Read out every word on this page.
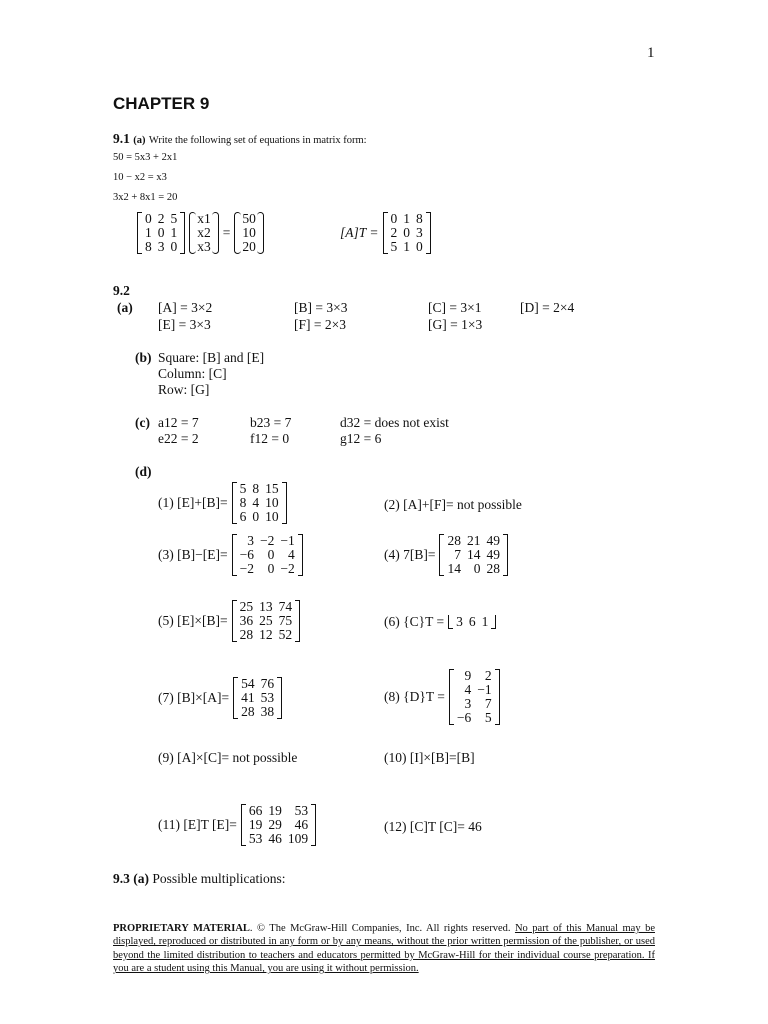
1
CHAPTER 9
9.1 (a) Write the following set of equations in matrix form:
50 = 5x3 + 2x1
10 − x2 = x3
3x2 + 8x1 = 20
0	2	5
1	0	1
8	3	0
x1
x2
x3
=
50
10
20
[A]T =
0	1	8
2	0	3
5	1	0
9.2
(a) [A] = 3×2	[B] = 3×3	[C] = 3×1	[D] = 2×4
[E] = 3×3	[F] = 2×3	[G] = 1×3
(b) Square: [B] and [E]
Column: [C]
Row: [G]
(c) a12 = 7	b23 = 7	d32 = does not exist
e22 = 2	f12 = 0	g12 = 6
(d)
(1) [E]+[B]=
5	8	15
8	4	10
6	0	10
(2) [A]+[F]= not possible
(3) [B]−[E]=
3	−2	−1
−6	0	4
−2	0	−2
(4) 7[B]=
28	21	49
7	14	49
14	0	28
(5) [E]×[B]=
25	13	74
36	25	75
28	12	52
(6) {C}T = 3	6	1
(7) [B]×[A]=
54	76
41	53
28	38
(8) {D}T =
9	2
4	−1
3	7
−6	5
(9) [A]×[C]= not possible	(10) [I]×[B]=[B]
(11) [E]T [E]=
66	19	53
19	29	46
53	46	109
(12) [C]T [C]= 46
9.3 (a) Possible multiplications:
PROPRIETARY MATERIAL. © The McGraw-Hill Companies, Inc. All rights reserved. No part of this Manual may be displayed, reproduced or distributed in any form or by any means, without the prior written permission of the publisher, or used beyond the limited distribution to teachers and educators permitted by McGraw-Hill for their individual course preparation. If you are a student using this Manual, you are using it without permission.
